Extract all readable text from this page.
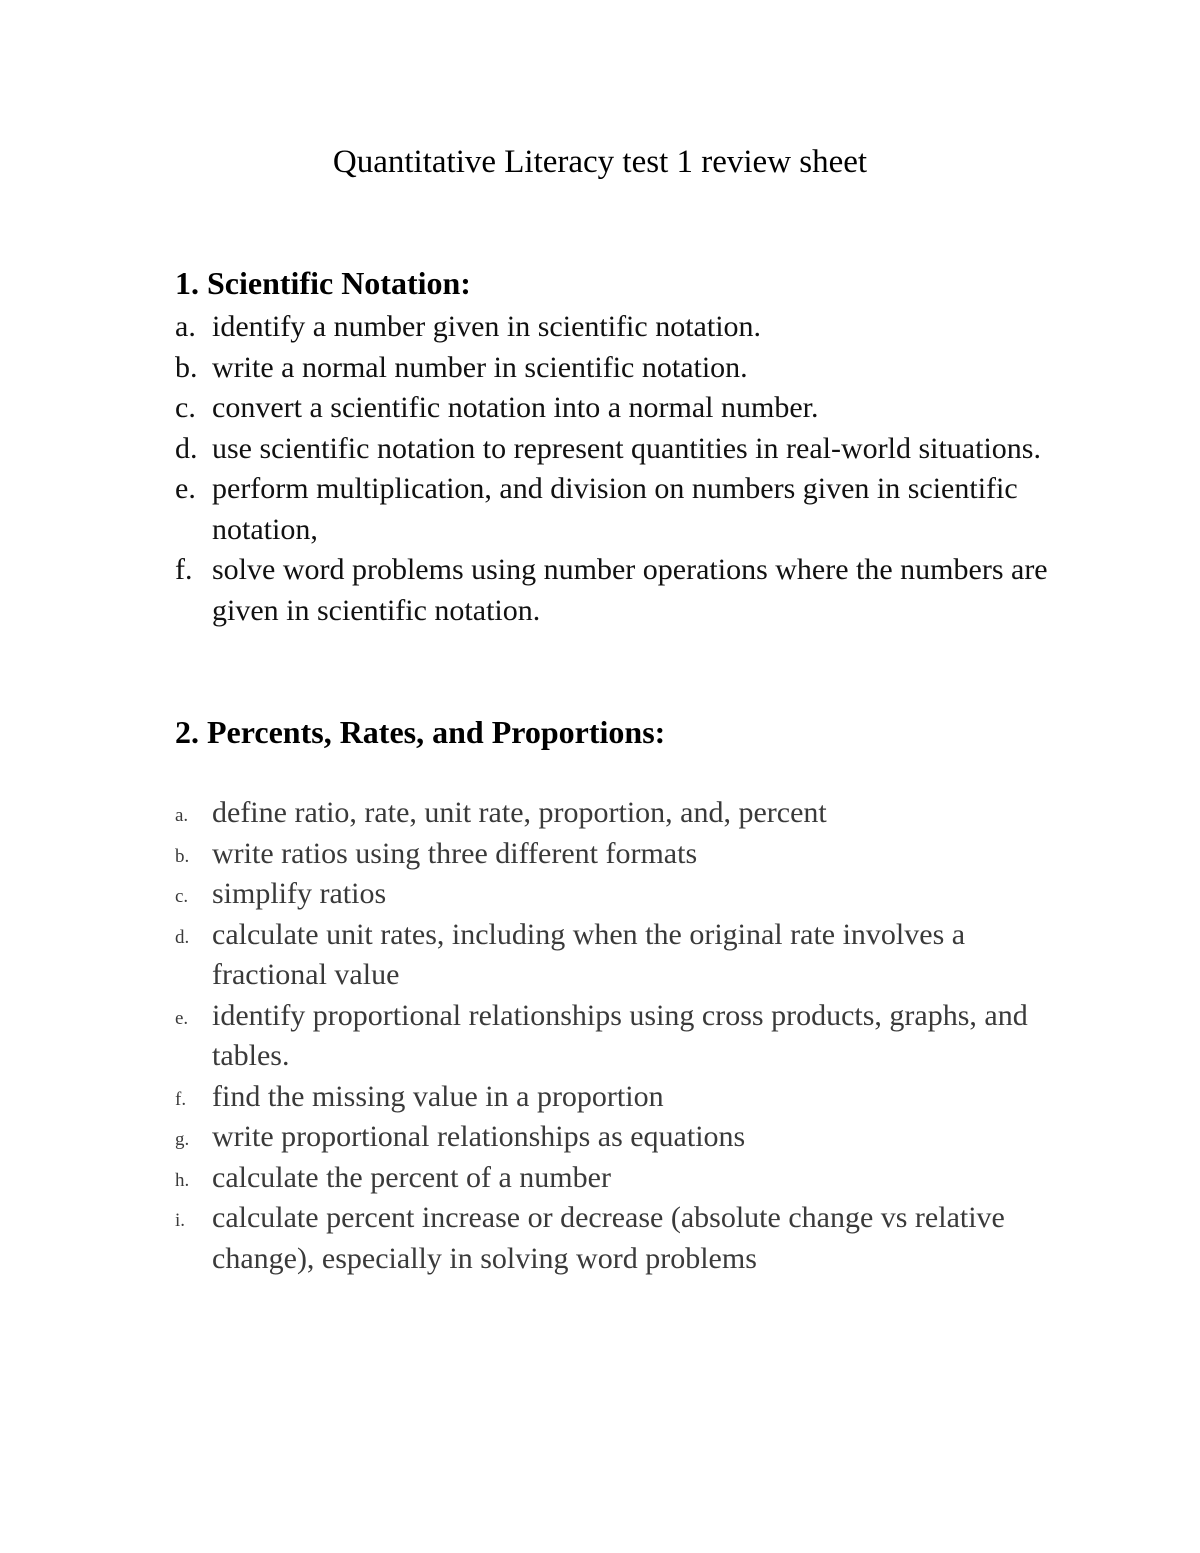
Quantitative Literacy test 1 review sheet
1. Scientific Notation:
a. identify a number given in scientific notation.
b. write a normal number in scientific notation.
c. convert a scientific notation into a normal number.
d. use scientific notation to represent quantities in real-world situations.
e. perform multiplication, and division on numbers given in scientific notation,
f. solve word problems using number operations where the numbers are given in scientific notation.
2. Percents, Rates, and Proportions:
a. define ratio, rate, unit rate, proportion, and, percent
b. write ratios using three different formats
c. simplify ratios
d. calculate unit rates, including when the original rate involves a fractional value
e. identify proportional relationships using cross products, graphs, and tables.
f. find the missing value in a proportion
g. write proportional relationships as equations
h. calculate the percent of a number
i. calculate percent increase or decrease (absolute change vs relative change), especially in solving word problems
